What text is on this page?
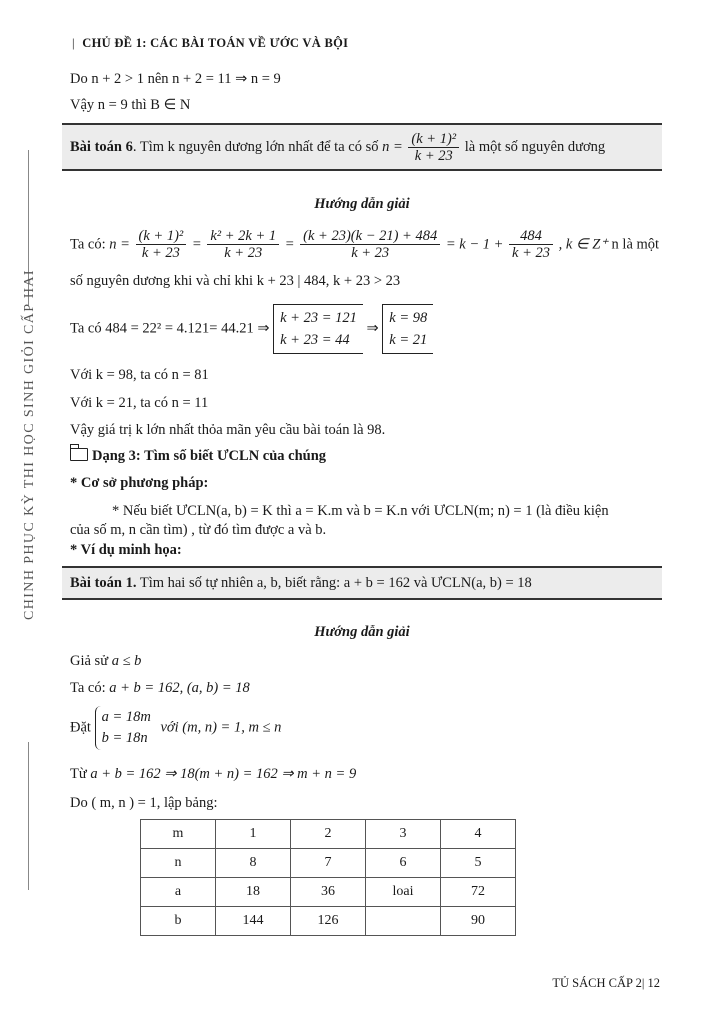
| CHỦ ĐỀ 1: CÁC BÀI TOÁN VỀ ƯỚC VÀ BỘI
CHINH PHỤC KỲ THI HỌC SINH GIỎI CẤP HAI
Do n + 2 > 1 nên n + 2 = 11 ⇒ n = 9
Vậy n = 9 thì B ∈ N
Bài toán 6. Tìm k nguyên dương lớn nhất để ta có số $n = \frac{\text{(k + 1)²}}{k + 23}$ là một số nguyên dương
Hướng dẫn giải
Ta có: $n = \frac{\text{(k + 1)²}}{k + 23} = \frac{\text{k² + 2k + 1}}{k + 23} = \frac{(k + 23)(k - 21) + 484}{k + 23} = k - 1 + \frac{484}{k + 23}$ , k ∈ Z⁺ n là một
số nguyên dương khi và chỉ khi k + 23 | 484, k + 23 > 23
Ta có 484 = 22² = 4.121= 44.21 ⇒
k + 23 = 121
k + 23 = 44
⇒
k = 98
k = 21
Với k = 98, ta có n = 81
Với k = 21, ta có n = 11
Vậy giá trị k lớn nhất thỏa mãn yêu cầu bài toán là 98.
Dạng 3: Tìm số biết ƯCLN của chúng
* Cơ sở phương pháp:
* Nếu biết ƯCLN(a, b) = K thì a = K.m và b = K.n với ƯCLN(m; n) = 1 (là điều kiện
của số m, n cần tìm) , từ đó tìm được a và b.
* Ví dụ minh họa:
Bài toán 1. Tìm hai số tự nhiên a, b, biết rằng: a + b = 162 và ƯCLN(a, b) = 18
Hướng dẫn giải
Giả sử a ≤ b
Ta có: a + b = 162, (a, b) = 18
Đặt
a = 18m
b = 18n
với (m, n) = 1, m ≤ n
Từ a + b = 162 ⇒ 18(m + n) = 162 ⇒ m + n = 9
Do ( m, n ) = 1, lập bảng:
m	1	2	3	4
n	8	7	6	5
a	18	36	loai	72
b	144	126		90
TỦ SÁCH CẤP 2| 12
